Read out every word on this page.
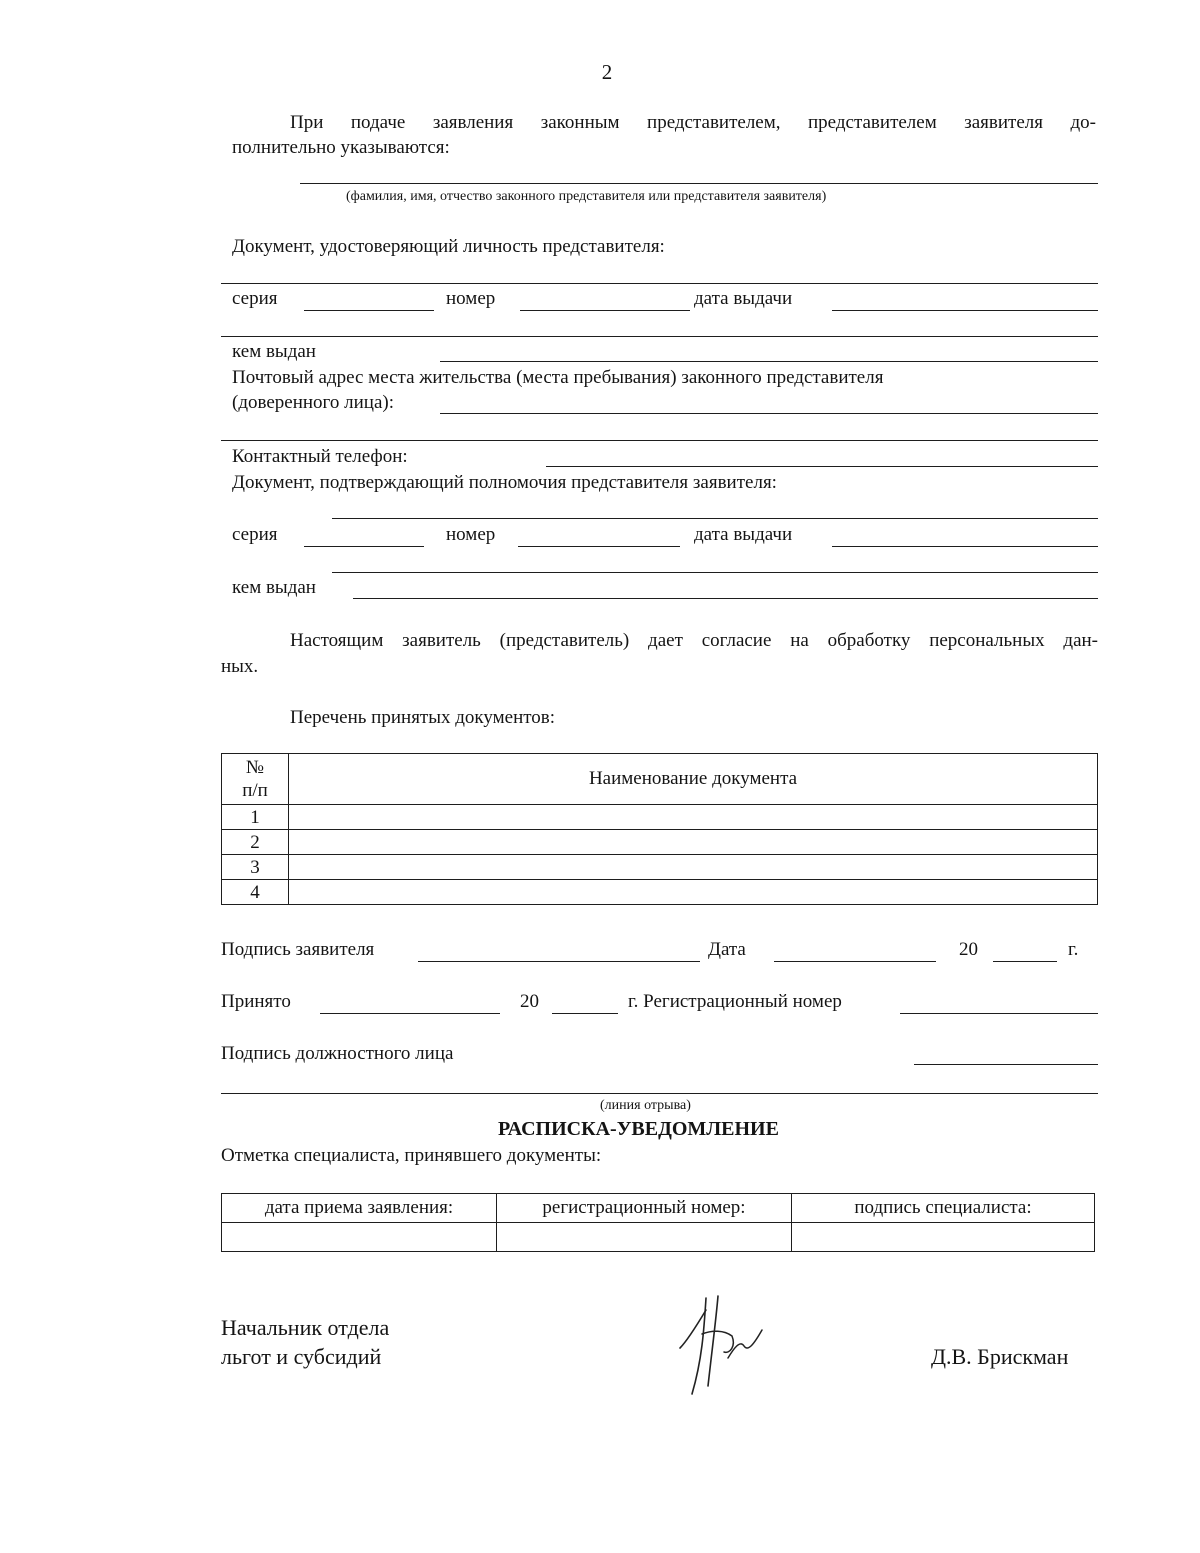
2
При подаче заявления законным представителем, представителем заявителя до-
полнительно указываются:
(фамилия, имя, отчество законного представителя или представителя заявителя)
Документ, удостоверяющий личность представителя:
серия	номер	дата выдачи
кем выдан
Почтовый адрес места жительства (места пребывания) законного представителя
(доверенного лица):
Контактный телефон:
Документ, подтверждающий полномочия представителя заявителя:
серия	номер	дата выдачи
кем выдан
Настоящим заявитель (представитель) дает согласие на обработку персональных дан-
ных.
Перечень принятых документов:
№
п/п	Наименование документа
1	
2	
3	
4	
Подпись заявителя	Дата	20	г.
Принято	20	г. Регистрационный номер
Подпись должностного лица
(линия отрыва)
РАСПИСКА-УВЕДОМЛЕНИЕ
Отметка специалиста, принявшего документы:
дата приема заявления:	регистрационный номер:	подпись специалиста:

Начальник отдела
льгот и субсидий	Д.В. Брискман
